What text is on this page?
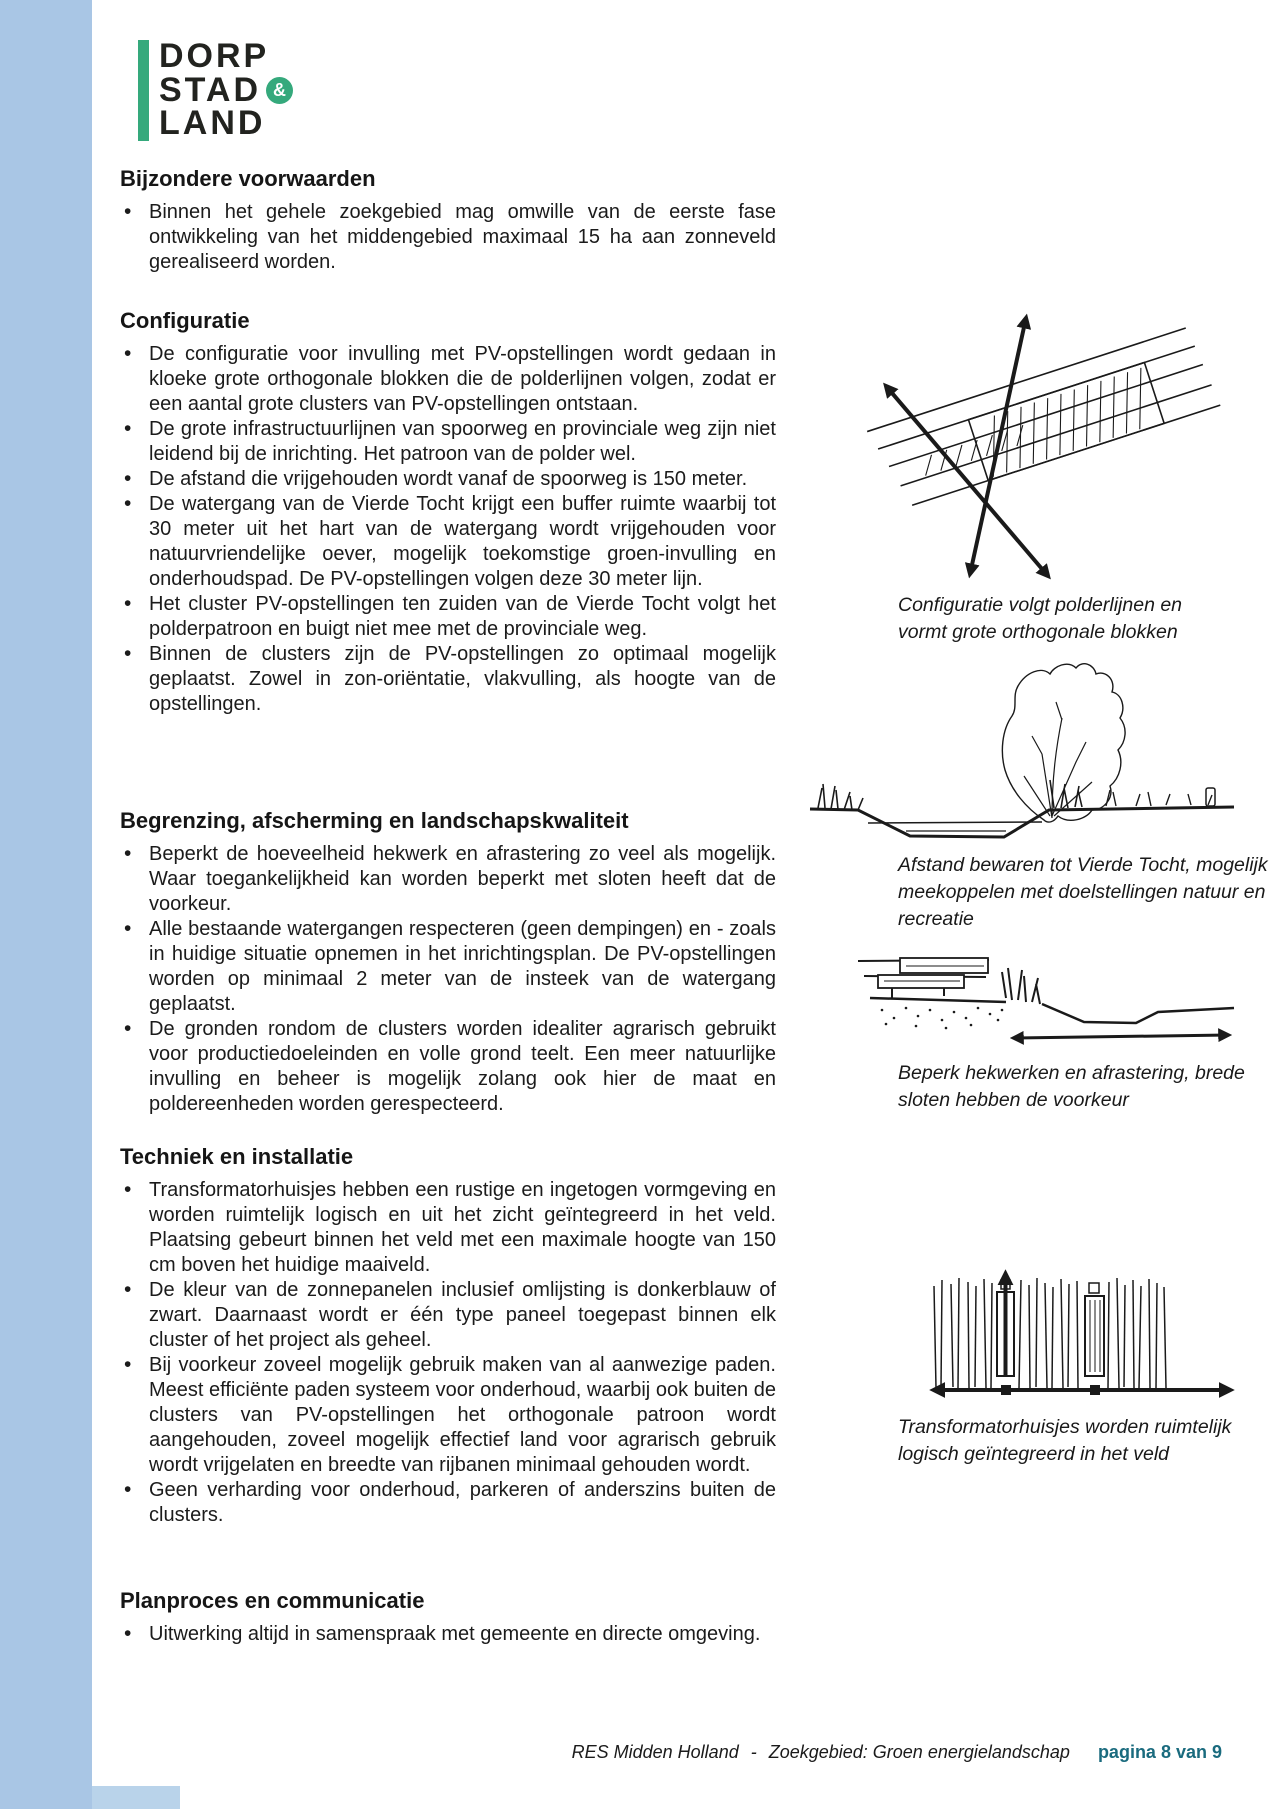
DORP
STAD &
LAND
Bijzondere voorwaarden
• Binnen het gehele zoekgebied mag omwille van de eerste fase ontwikkeling van het middengebied maximaal 15 ha aan zonneveld gerealiseerd worden.
Configuratie
• De configuratie voor invulling met PV-opstellingen wordt gedaan in kloeke grote orthogonale blokken die de polderlijnen volgen, zodat er een aantal grote clusters van PV-opstellingen ontstaan.
• De grote infrastructuurlijnen van spoorweg en provinciale weg zijn niet leidend bij de inrichting. Het patroon van de polder wel.
• De afstand die vrijgehouden wordt vanaf de spoorweg is 150 meter.
• De watergang van de Vierde Tocht krijgt een buffer ruimte waarbij tot 30 meter uit het hart van de watergang wordt vrijgehouden voor natuurvriendelijke oever, mogelijk toekomstige groen-invulling en onderhoudspad. De PV-opstellingen volgen deze 30 meter lijn.
• Het cluster PV-opstellingen ten zuiden van de Vierde Tocht volgt het polderpatroon en buigt niet mee met de provinciale weg.
• Binnen de clusters zijn de PV-opstellingen zo optimaal mogelijk geplaatst. Zowel in zon-oriëntatie, vlakvulling, als hoogte van de opstellingen.
Begrenzing, afscherming en landschapskwaliteit
• Beperkt de hoeveelheid hekwerk en afrastering zo veel als mogelijk. Waar toegankelijkheid kan worden beperkt met sloten heeft dat de voorkeur.
• Alle bestaande watergangen respecteren (geen dempingen) en - zoals in huidige situatie opnemen in het inrichtingsplan. De PV-opstellingen worden op minimaal 2 meter van de insteek van de watergang geplaatst.
• De gronden rondom de clusters worden idealiter agrarisch gebruikt voor productiedoeleinden en volle grond teelt. Een meer natuurlijke invulling en beheer is mogelijk zolang ook hier de maat en poldereenheden worden gerespecteerd.
Techniek en installatie
• Transformatorhuisjes hebben een rustige en ingetogen vormgeving en worden ruimtelijk logisch en uit het zicht geïntegreerd in het veld. Plaatsing gebeurt binnen het veld met een maximale hoogte van 150 cm boven het huidige maaiveld.
• De kleur van de zonnepanelen inclusief omlijsting is donkerblauw of zwart. Daarnaast wordt er één type paneel toegepast binnen elk cluster of het project als geheel.
• Bij voorkeur zoveel mogelijk gebruik maken van al aanwezige paden. Meest efficiënte paden systeem voor onderhoud, waarbij ook buiten de clusters van PV-opstellingen het orthogonale patroon wordt aangehouden, zoveel mogelijk effectief land voor agrarisch gebruik wordt vrijgelaten en breedte van rijbanen minimaal gehouden wordt.
• Geen verharding voor onderhoud, parkeren of anderszins buiten de clusters.
Planproces en communicatie
• Uitwerking altijd in samenspraak met gemeente en directe omgeving.
Configuratie volgt polderlijnen en
vormt grote orthogonale blokken
Afstand bewaren tot Vierde Tocht, mogelijk
meekoppelen met doelstellingen natuur en
recreatie
Beperk hekwerken en afrastering, brede
sloten hebben de voorkeur
Transformatorhuisjes worden ruimtelijk
logisch geïntegreerd in het veld
RES Midden Holland - Zoekgebied: Groen energielandschap pagina 8 van 9
